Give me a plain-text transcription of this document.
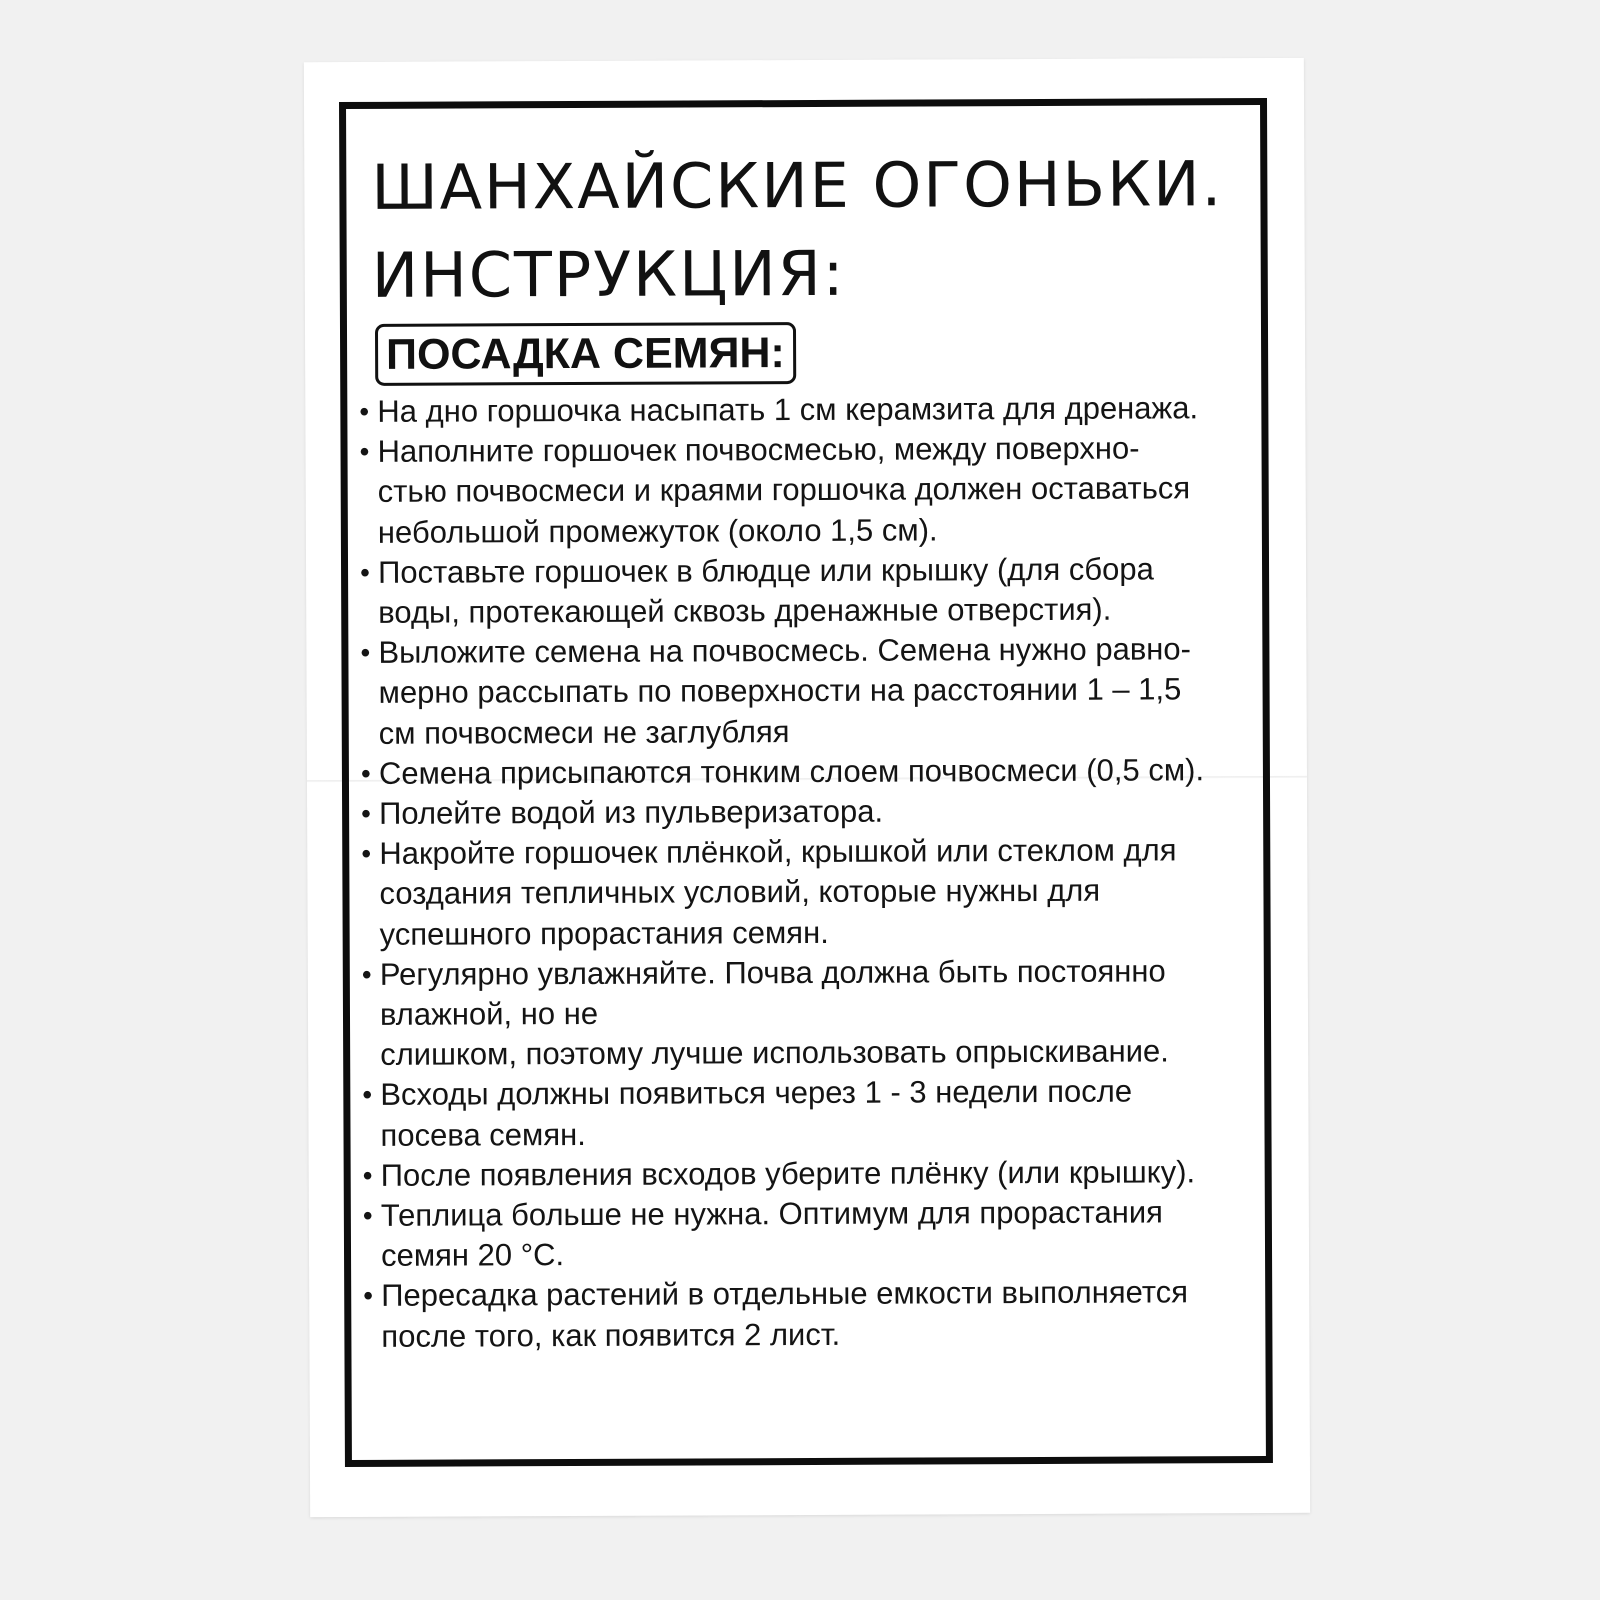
ШАНХАЙСКИЕ ОГОНЬКИ.
ИНСТРУКЦИЯ:
ПОСАДКА СЕМЯН:
• На дно горшочка насыпать 1 см керамзита для дренажа.
• Наполните горшочек почвосмесью, между поверхно-
стью почвосмеси и краями горшочка должен оставаться
небольшой промежуток (около 1,5 см).
• Поставьте горшочек в блюдце или крышку (для сбора
воды, протекающей сквозь дренажные отверстия).
• Выложите семена на почвосмесь. Семена нужно равно-
мерно рассыпать по поверхности на расстоянии 1 – 1,5
см почвосмеси не заглубляя
• Семена присыпаются тонким слоем почвосмеси (0,5 см).
• Полейте водой из пульверизатора.
• Накройте горшочек плёнкой, крышкой или стеклом для
создания тепличных условий, которые нужны для
успешного прорастания семян.
• Регулярно увлажняйте. Почва должна быть постоянно
влажной, но не
слишком, поэтому лучше использовать опрыскивание.
• Всходы должны появиться через 1 - 3 недели после
посева семян.
• После появления всходов уберите плёнку (или крышку).
• Теплица больше не нужна. Оптимум для прорастания
семян 20 °C.
• Пересадка растений в отдельные емкости выполняется
после того, как появится 2 лист.
